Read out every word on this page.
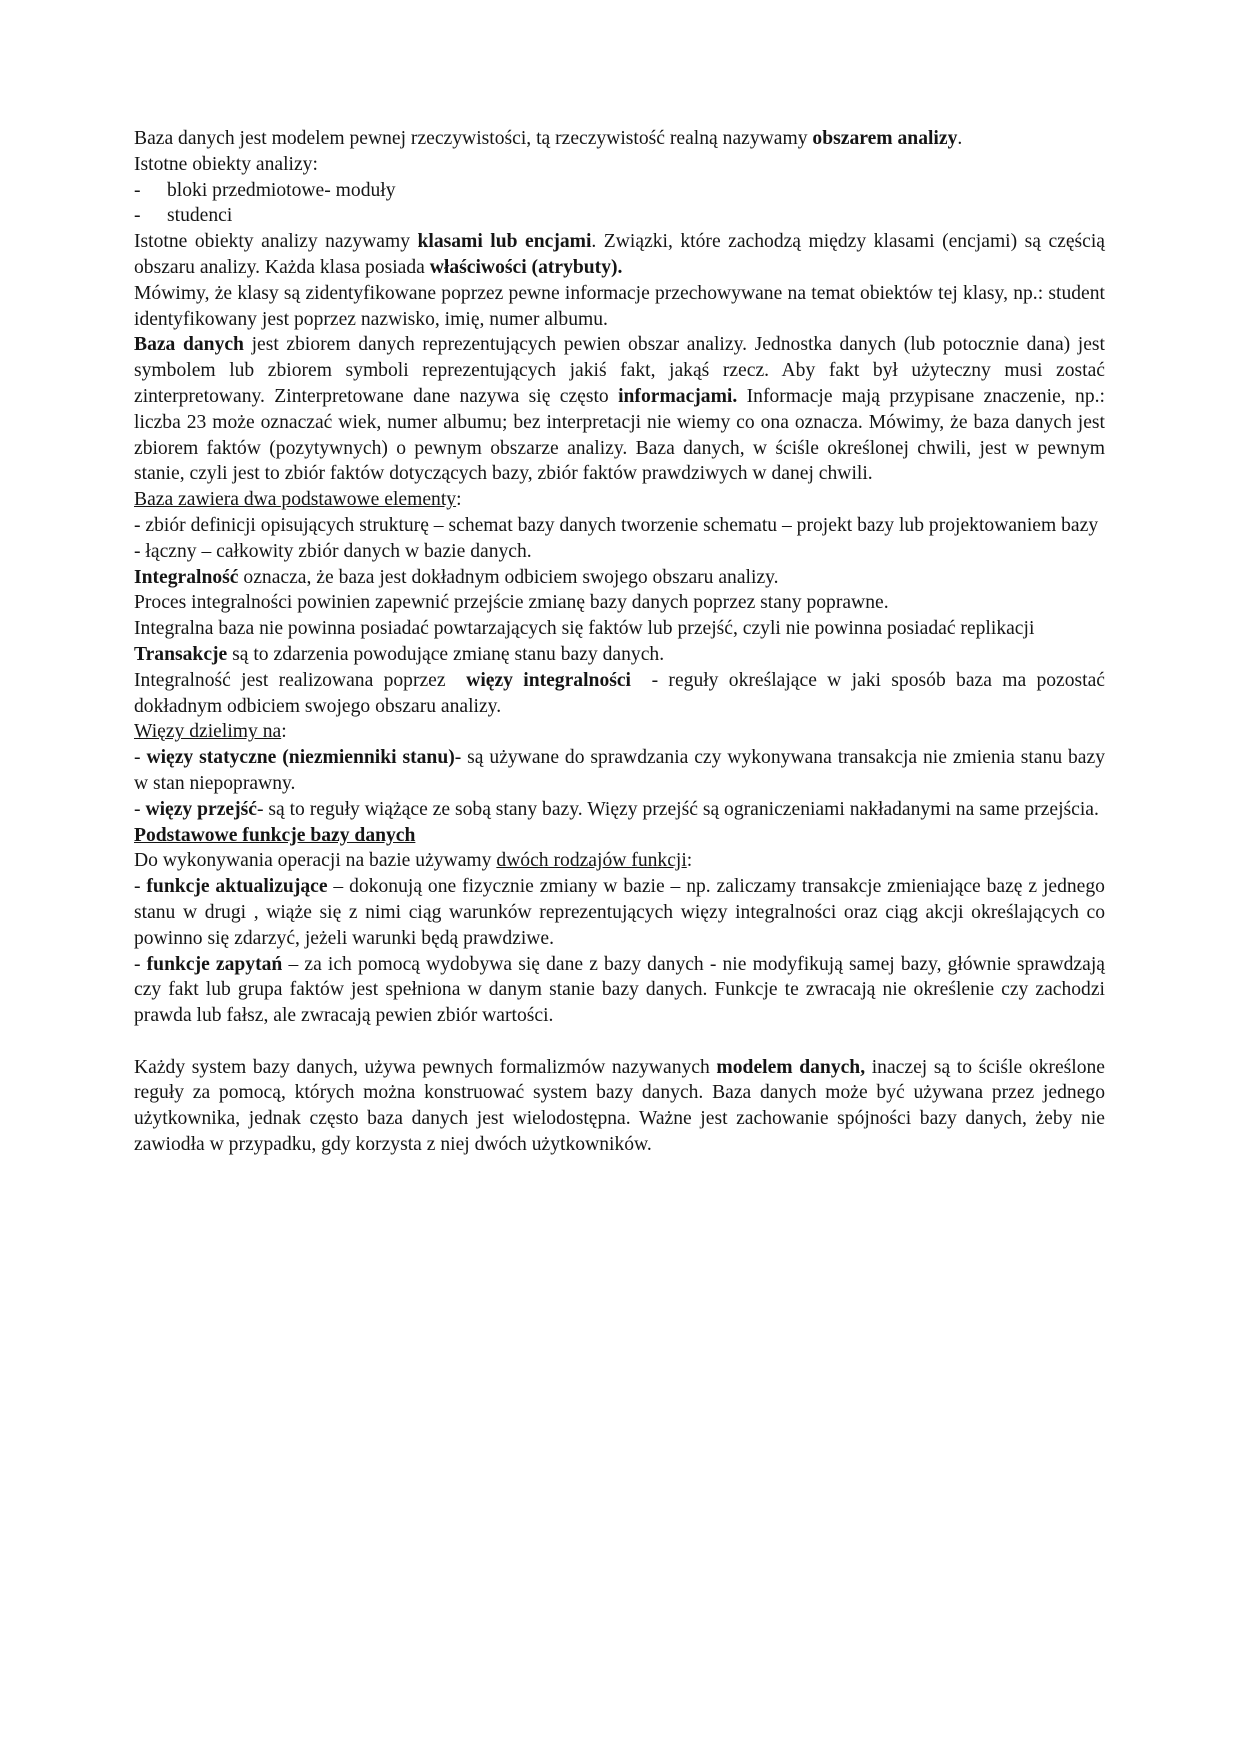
Baza danych jest modelem pewnej rzeczywistości, tą rzeczywistość realną nazywamy obszarem analizy.
Istotne obiekty analizy:
-	bloki przedmiotowe- moduły
-	studenci
Istotne obiekty analizy nazywamy klasami lub encjami. Związki, które zachodzą między klasami (encjami) są częścią obszaru analizy. Każda klasa posiada właściwości (atrybuty).
Mówimy, że klasy są zidentyfikowane poprzez pewne informacje przechowywane na temat obiektów tej klasy, np.: student identyfikowany jest poprzez nazwisko, imię, numer albumu.
Baza danych jest zbiorem danych reprezentujących pewien obszar analizy. Jednostka danych (lub potocznie dana) jest symbolem lub zbiorem symboli reprezentujących jakiś fakt, jakąś rzecz. Aby fakt był użyteczny musi zostać zinterpretowany. Zinterpretowane dane nazywa się często informacjami. Informacje mają przypisane znaczenie, np.: liczba 23 może oznaczać wiek, numer albumu; bez interpretacji nie wiemy co ona oznacza. Mówimy, że baza danych jest zbiorem faktów (pozytywnych) o pewnym obszarze analizy. Baza danych, w ściśle określonej chwili, jest w pewnym stanie, czyli jest to zbiór faktów dotyczących bazy, zbiór faktów prawdziwych w danej chwili.
Baza zawiera dwa podstawowe elementy:
- zbiór definicji opisujących strukturę – schemat bazy danych tworzenie schematu – projekt bazy lub projektowaniem bazy
- łączny – całkowity zbiór danych w bazie danych.
Integralność oznacza, że baza jest dokładnym odbiciem swojego obszaru analizy.
Proces integralności powinien zapewnić przejście zmianę bazy danych poprzez stany poprawne.
Integralna baza nie powinna posiadać powtarzających się faktów lub przejść, czyli nie powinna posiadać replikacji
Transakcje są to zdarzenia powodujące zmianę stanu bazy danych.
Integralność jest realizowana poprzez  więzy integralności  - reguły określające w jaki sposób baza ma pozostać dokładnym odbiciem swojego obszaru analizy.
Więzy dzielimy na:
- więzy statyczne (niezmienniki stanu)- są używane do sprawdzania czy wykonywana transakcja nie zmienia stanu bazy w stan niepoprawny.
- więzy przejść- są to reguły wiążące ze sobą stany bazy. Więzy przejść są ograniczeniami nakładanymi na same przejścia.
Podstawowe funkcje bazy danych
Do wykonywania operacji na bazie używamy dwóch rodzajów funkcji:
- funkcje aktualizujące – dokonują one fizycznie zmiany w bazie – np. zaliczamy transakcje zmieniające bazę z jednego stanu w drugi , wiąże się z nimi ciąg warunków reprezentujących więzy integralności oraz ciąg akcji określających co powinno się zdarzyć, jeżeli warunki będą prawdziwe.
- funkcje zapytań – za ich pomocą wydobywa się dane z bazy danych - nie modyfikują samej bazy, głównie sprawdzają czy fakt lub grupa faktów jest spełniona w danym stanie bazy danych. Funkcje te zwracają nie określenie czy zachodzi prawda lub fałsz, ale zwracają pewien zbiór wartości.
Każdy system bazy danych, używa pewnych formalizmów nazywanych modelem danych, inaczej są to ściśle określone reguły za pomocą, których można konstruować system bazy danych. Baza danych może być używana przez jednego użytkownika, jednak często baza danych jest wielodostępna. Ważne jest zachowanie spójności bazy danych, żeby nie zawiodła w przypadku, gdy korzysta z niej dwóch użytkowników.
